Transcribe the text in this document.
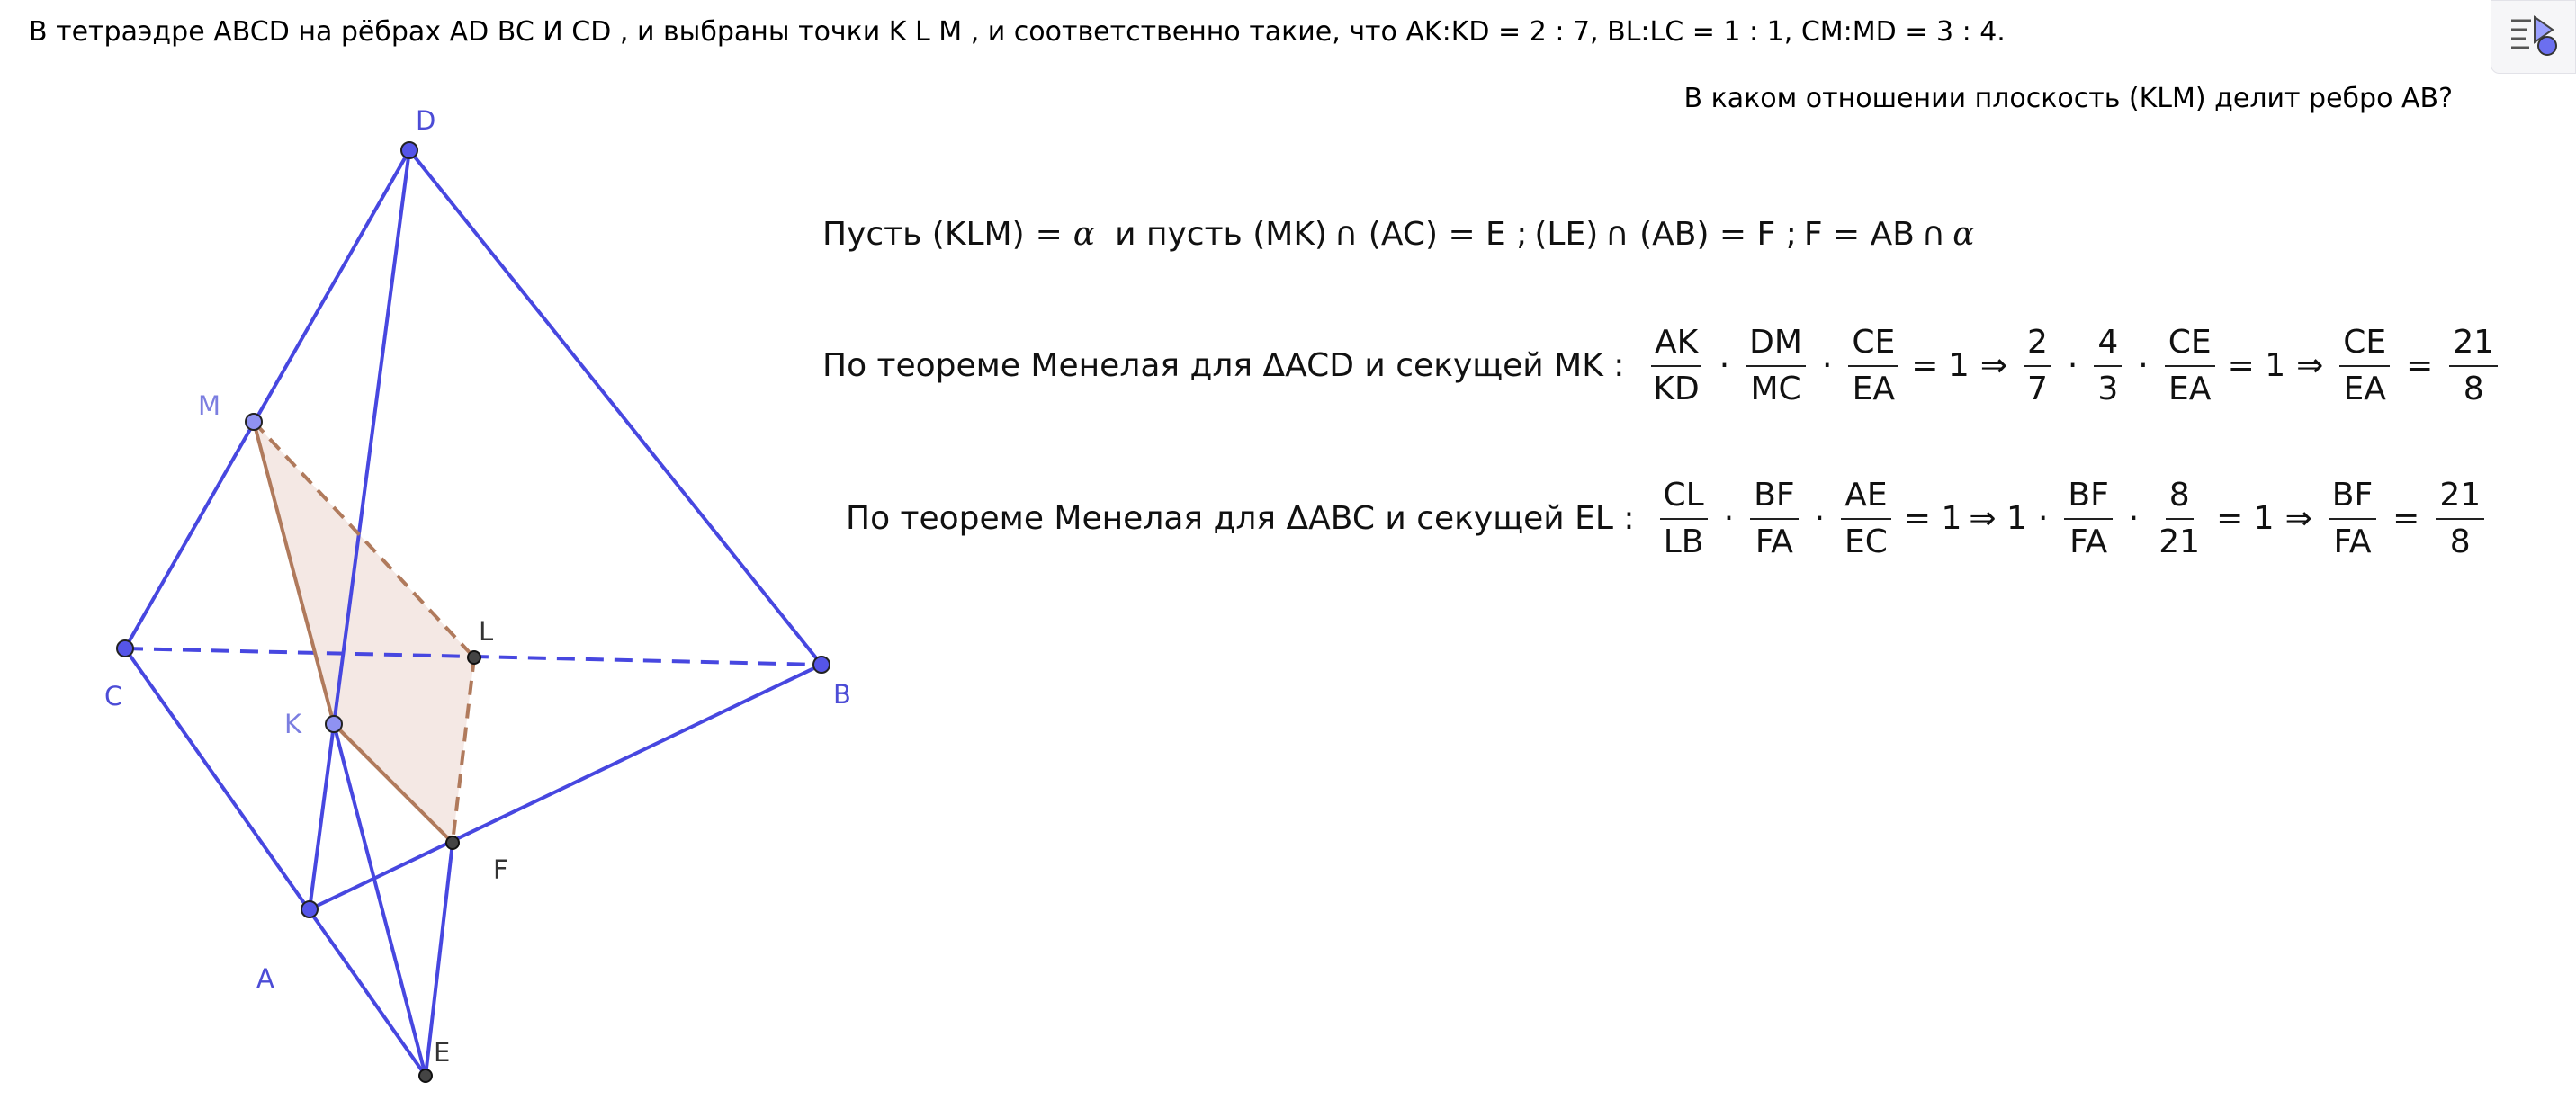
В тетраэдре ABCD на рёбрах AD BC И CD , и выбраны точки K L M , и соответственно такие, что AK:KD = 2 : 7, BL:LC = 1 : 1, CM:MD = 3 : 4.
В каком отношении плоскость (KLM) делит ребро AB?
D
M
C
K
L
B
F
A
E
Пусть (KLM) = α и пусть (MK) ∩ (AC) = E ; (LE) ∩ (AB) = F ; F = AB ∩ α
По теореме Менелая для ΔACD и секущей MK : $\frac{AK}{KD} \cdot \frac{DM}{MC} \cdot \frac{CE}{EA} = 1$ ⇒ $\frac{2}{7} \cdot \frac{4}{3} \cdot \frac{CE}{EA} = 1$ ⇒ $\frac{CE}{EA} = \frac{21}{8}$
По теореме Менелая для ΔABC и секущей EL : $\frac{CL}{LB} \cdot \frac{BF}{FA} \cdot \frac{AE}{EC} = 1$ ⇒ $1 \cdot \frac{BF}{FA} \cdot \frac{8}{21} = 1$ ⇒ $\frac{BF}{FA} = \frac{21}{8}$
